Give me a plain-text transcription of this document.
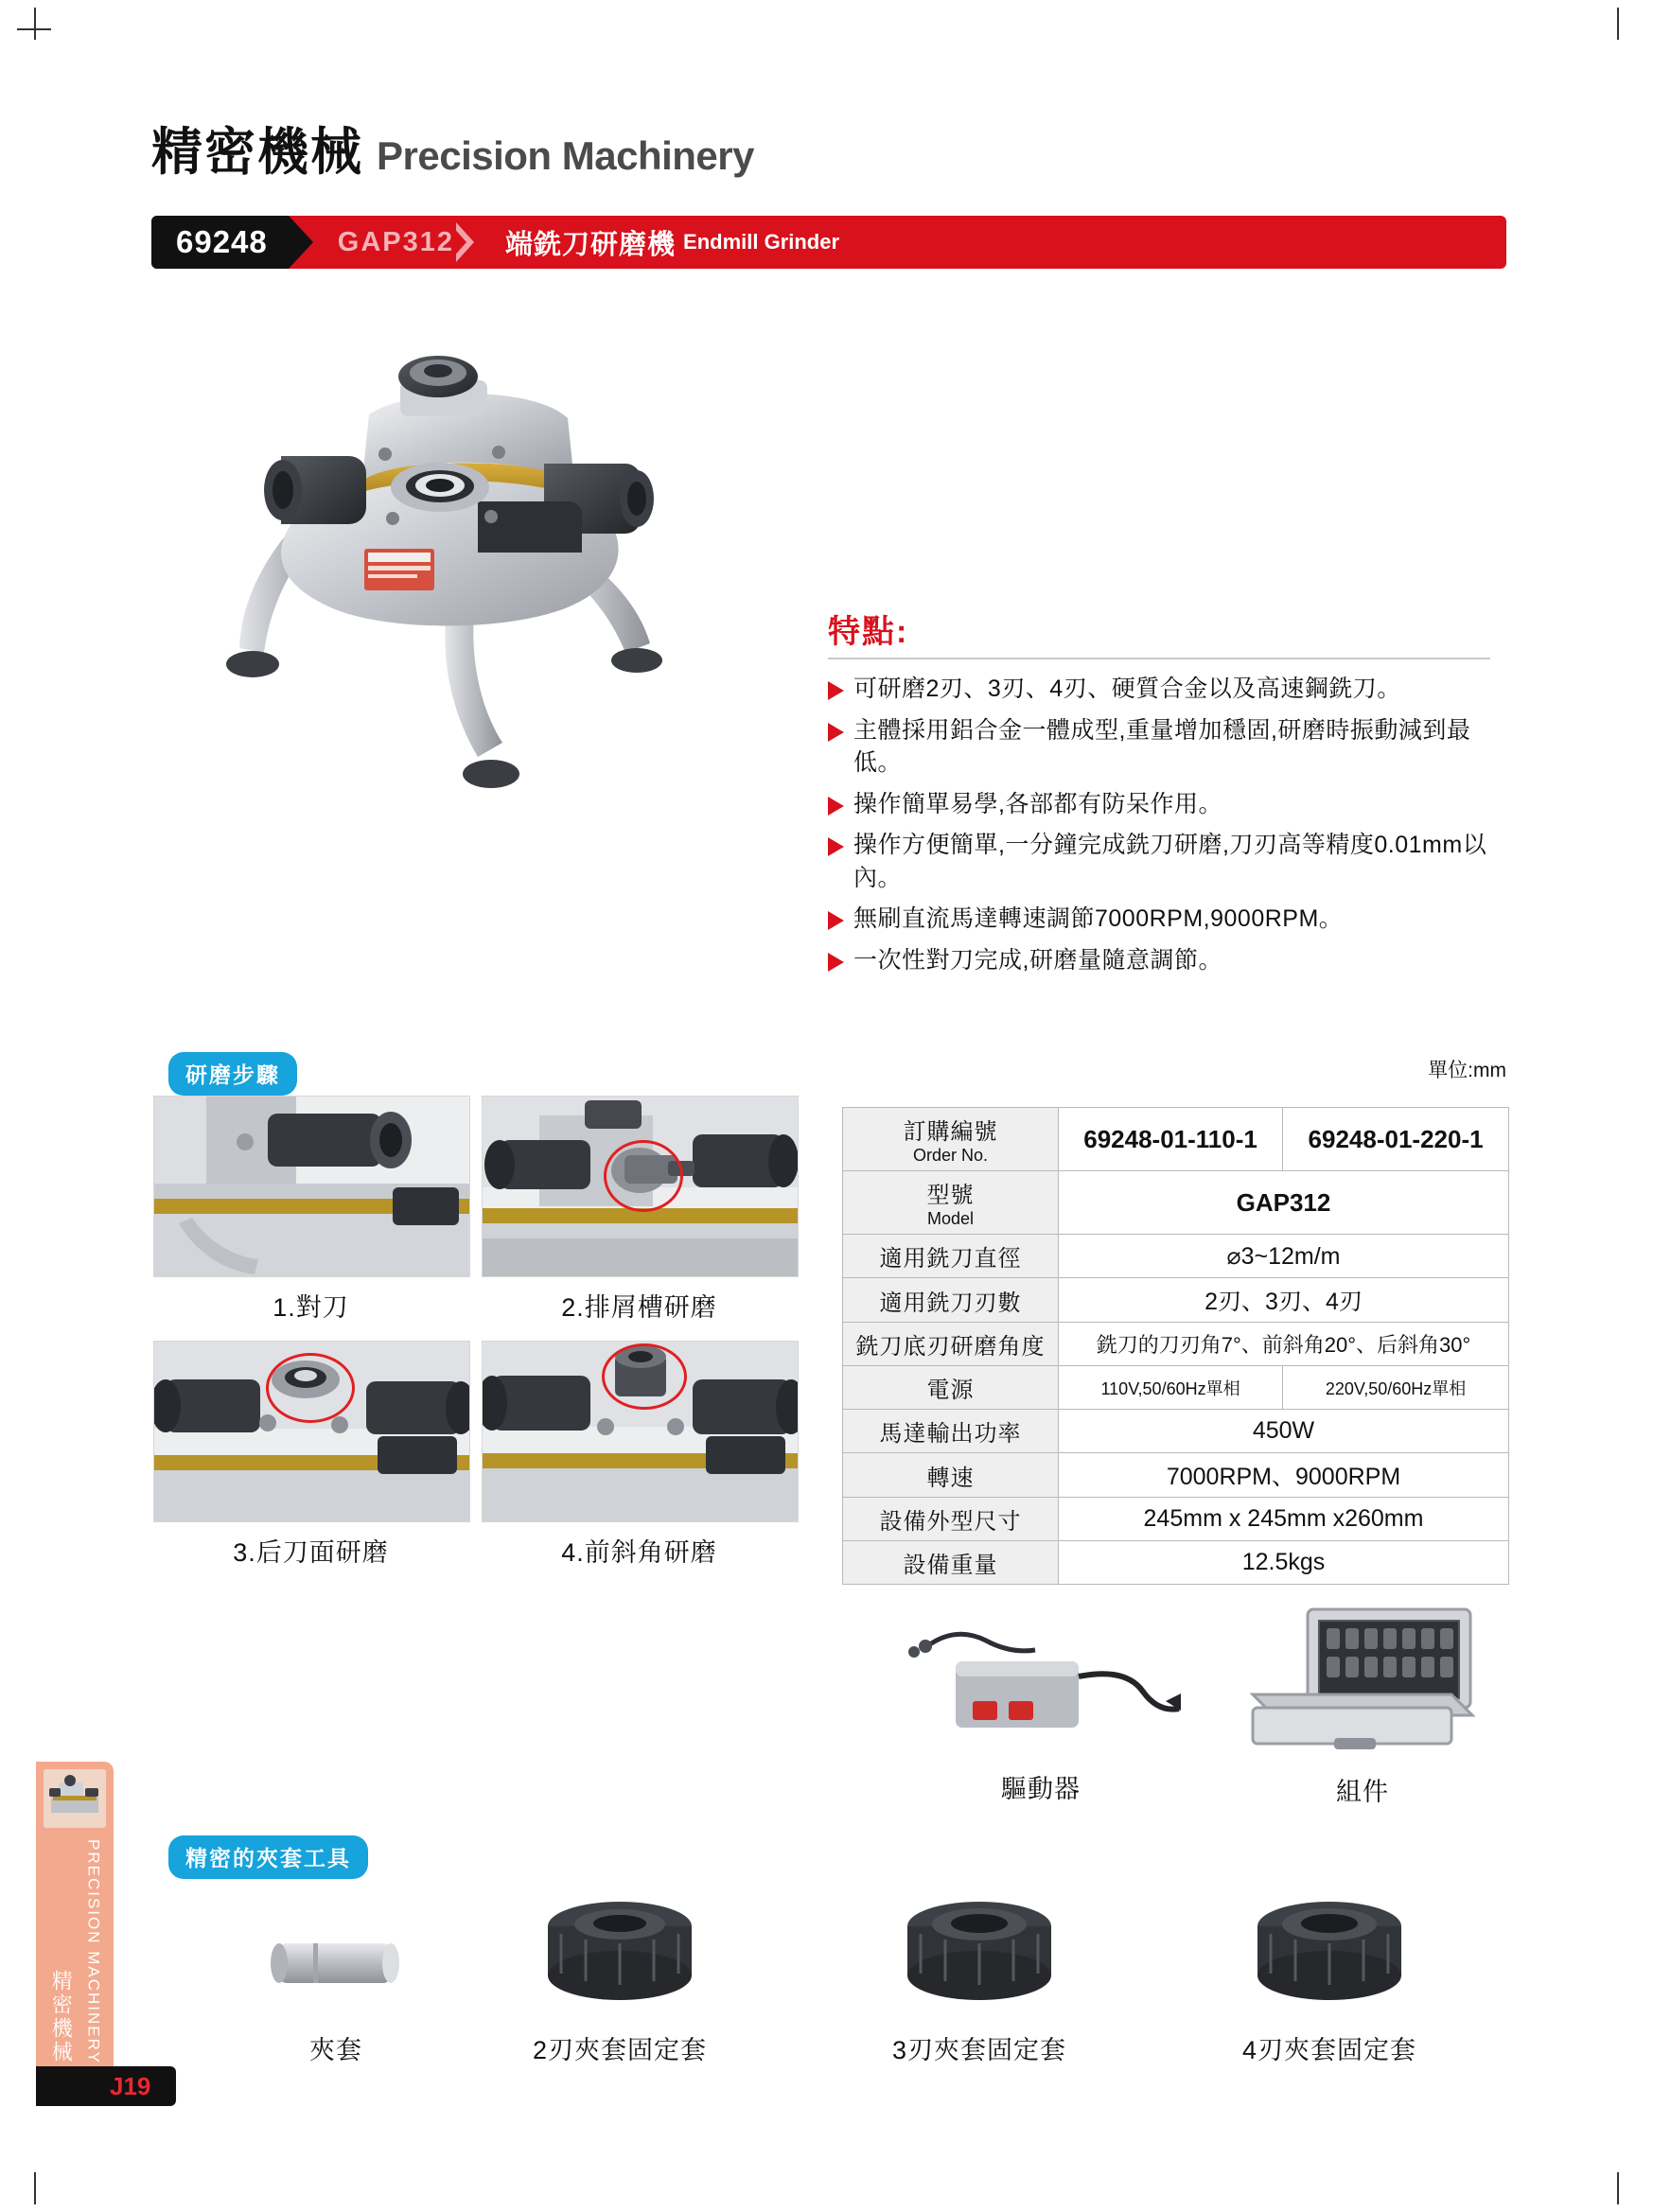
精密機械 Precision Machinery
69248	GAP312 端銑刀研磨機 Endmill Grinder
特點:
可研磨2刃、3刃、4刃、硬質合金以及高速鋼銑刀。
主體採用鋁合金一體成型,重量增加穩固,研磨時振動減到最低。
操作簡單易學,各部都有防呆作用。
操作方便簡單,一分鐘完成銑刀研磨,刀刃高等精度0.01mm以內。
無刷直流馬達轉速調節7000RPM,9000RPM。
一次性對刀完成,研磨量隨意調節。
研磨步驟
1.對刀	2.排屑槽研磨
3.后刀面研磨	4.前斜角研磨
單位:mm
訂購編號
Order No.	69248-01-110-1	69248-01-220-1
型號
Model	GAP312	
適用銑刀直徑	⌀3~12m/m	
適用銑刀刃數	2刃、3刃、4刃	
銑刀底刃研磨角度	銑刀的刀刃角7°、前斜角20°、后斜角30°	
電源	110V,50/60Hz單相	220V,50/60Hz單相
馬達輸出功率	450W	
轉速	7000RPM、9000RPM	
設備外型尺寸	245mm x 245mm x260mm	
設備重量	12.5kgs	
驅動器	組件
精密的夾套工具
夾套	2刃夾套固定套	3刃夾套固定套	4刃夾套固定套
精密機械 PRECISION MACHINERY
J19
